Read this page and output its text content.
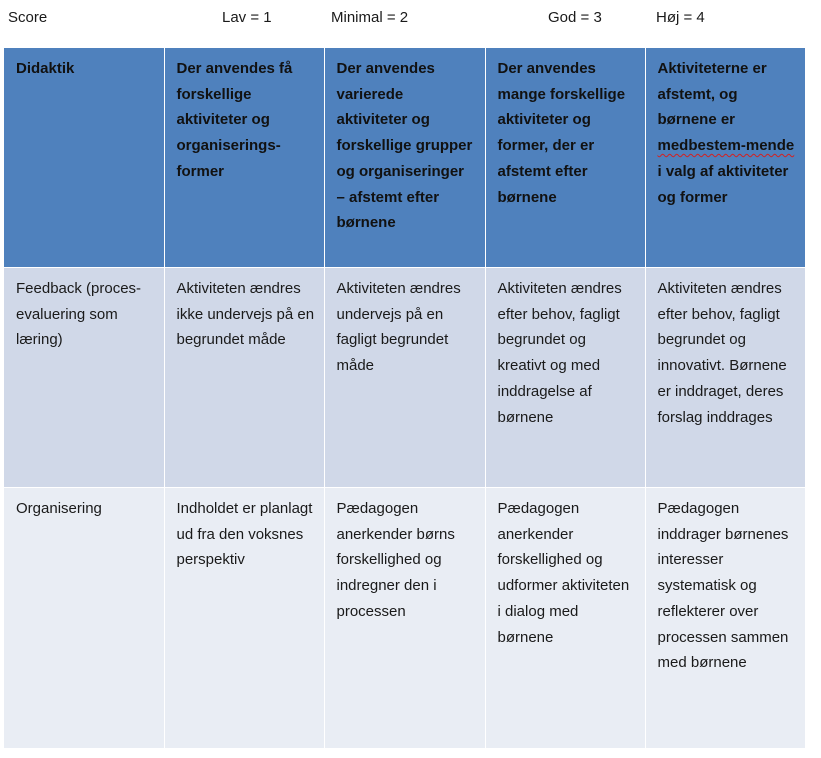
Score	Lav = 1	Minimal = 2	God = 3	Høj = 4
Didaktik	Der anvendes få forskellige aktiviteter og organiserings-former	Der anvendes varierede aktiviteter og forskellige grupper og organiseringer – afstemt efter børnene	Der anvendes mange forskellige aktiviteter og former, der er afstemt efter børnene	Aktiviteterne er afstemt, og børnene er medbestem-mende i valg af aktiviteter og former
Feedback (proces-evaluering som læring)	Aktiviteten ændres ikke undervejs på en begrundet måde	Aktiviteten ændres undervejs på en fagligt begrundet måde	Aktiviteten ændres efter behov, fagligt begrundet og kreativt og med inddragelse af børnene	Aktiviteten ændres efter behov, fagligt begrundet og innovativt. Børnene er inddraget, deres forslag inddrages
Organisering	Indholdet er planlagt ud fra den voksnes perspektiv	Pædagogen anerkender børns forskellighed og indregner den i processen	Pædagogen anerkender forskellighed og udformer aktiviteten i dialog med børnene	Pædagogen inddrager børnenes interesser systematisk og reflekterer over processen sammen med børnene
